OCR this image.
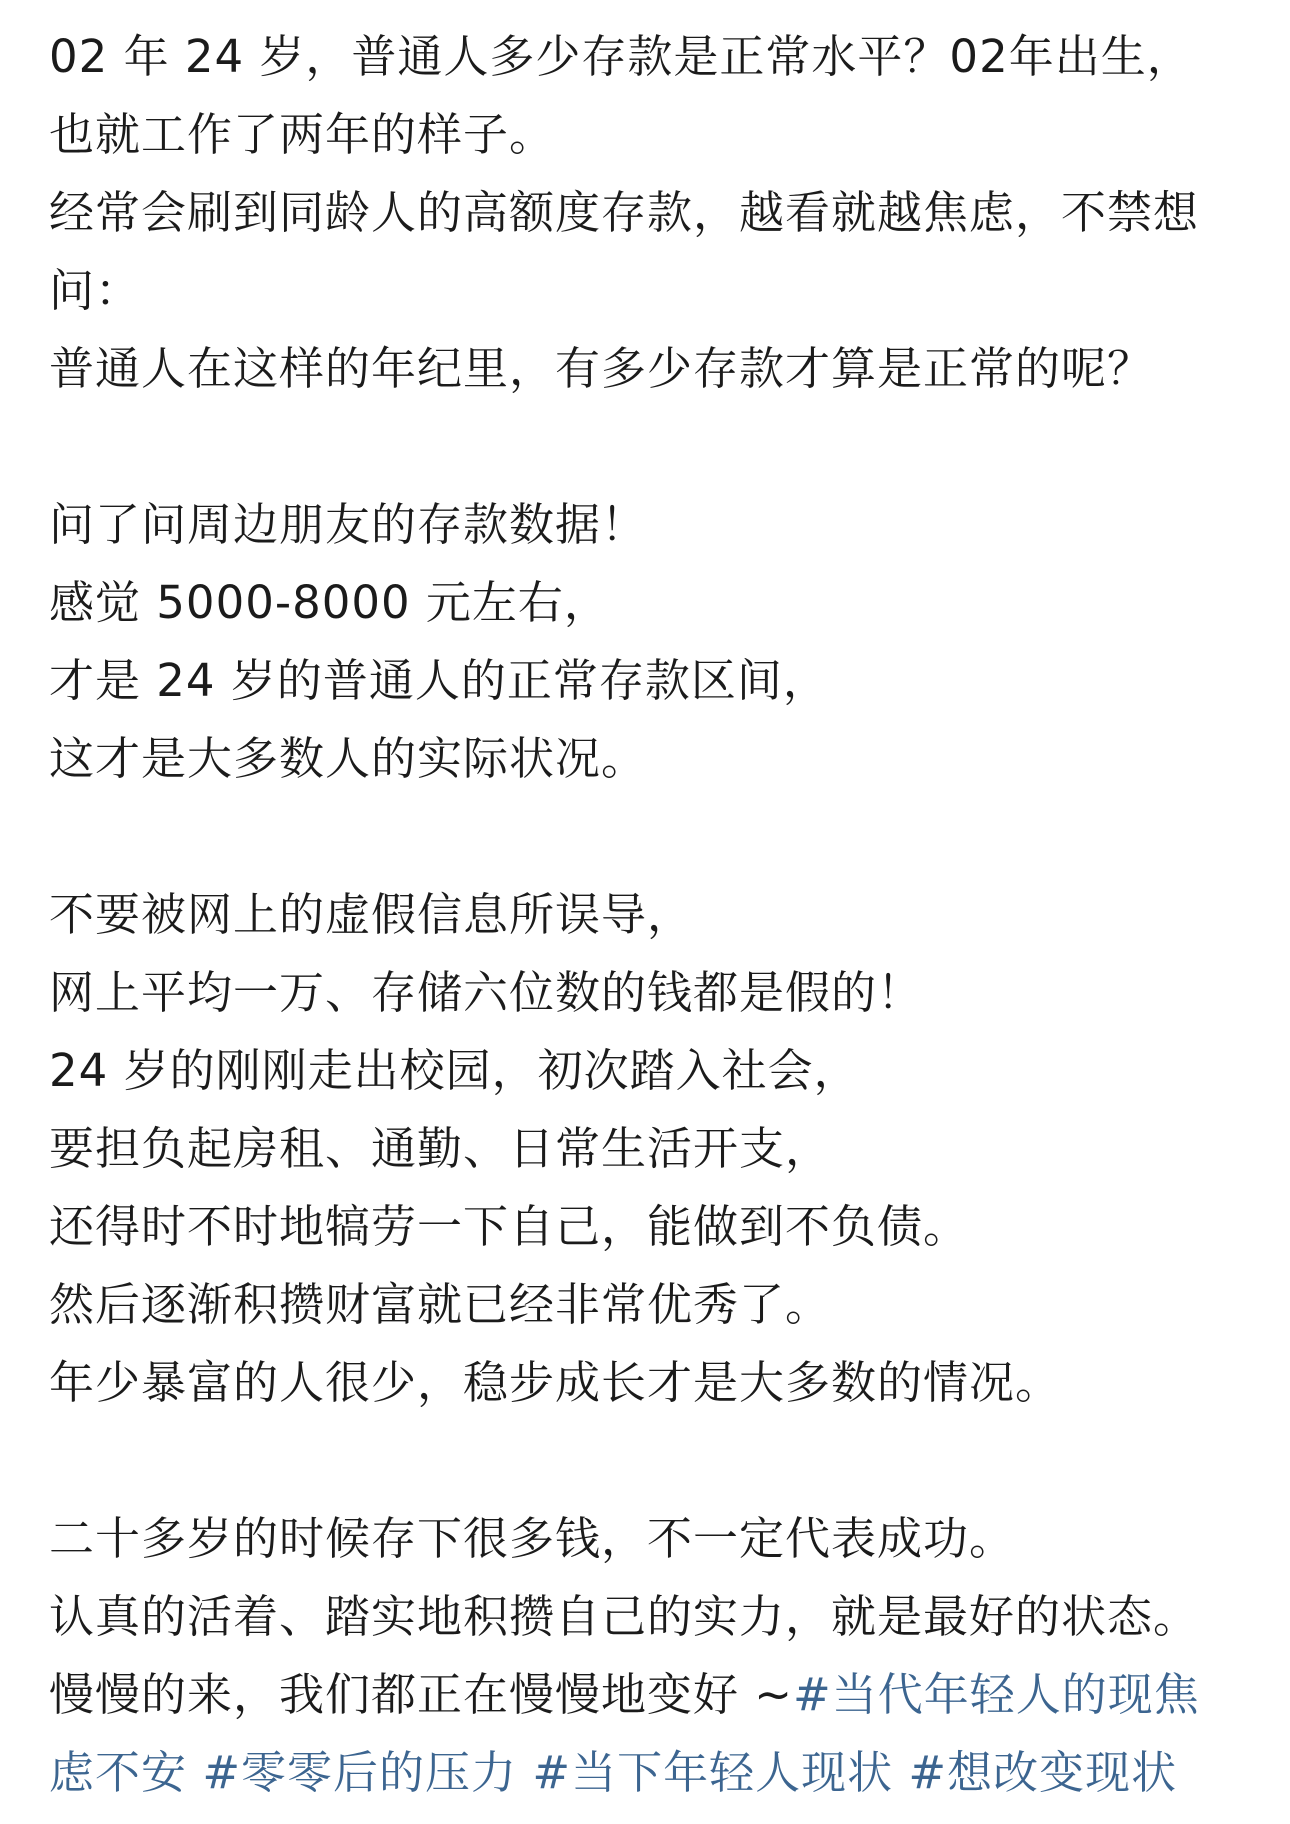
02 年 24 岁，普通人多少存款是正常水平？02年出生，
也就工作了两年的样子。
经常会刷到同龄人的高额度存款，越看就越焦虑，不禁想
问：
普通人在这样的年纪里，有多少存款才算是正常的呢？

问了问周边朋友的存款数据！
感觉 5000-8000 元左右，
才是 24 岁的普通人的正常存款区间，
这才是大多数人的实际状况。

不要被网上的虚假信息所误导，
网上平均一万、存储六位数的钱都是假的！
24 岁的刚刚走出校园，初次踏入社会，
要担负起房租、通勤、日常生活开支，
还得时不时地犒劳一下自己，能做到不负债。
然后逐渐积攒财富就已经非常优秀了。
年少暴富的人很少，稳步成长才是大多数的情况。

二十多岁的时候存下很多钱，不一定代表成功。
认真的活着、踏实地积攒自己的实力，就是最好的状态。
慢慢的来，我们都正在慢慢地变好 ~#当代年轻人的现焦
虑不安 #零零后的压力 #当下年轻人现状 #想改变现状
